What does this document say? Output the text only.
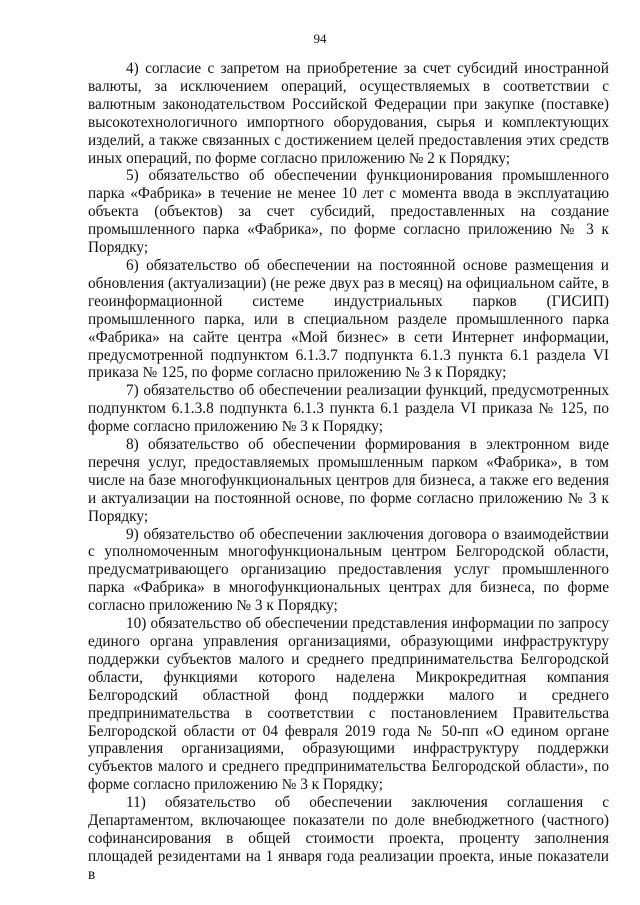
94

4) согласие с запретом на приобретение за счет субсидий иностранной валюты, за исключением операций, осуществляемых в соответствии с валютным законодательством Российской Федерации при закупке (поставке) высокотехнологичного импортного оборудования, сырья и комплектующих изделий, а также связанных с достижением целей предоставления этих средств иных операций, по форме согласно приложению № 2 к Порядку;

5) обязательство об обеспечении функционирования промышленного парка «Фабрика» в течение не менее 10 лет с момента ввода в эксплуатацию объекта (объектов) за счет субсидий, предоставленных на создание промышленного парка «Фабрика», по форме согласно приложению № 3 к Порядку;

6) обязательство об обеспечении на постоянной основе размещения и обновления (актуализации) (не реже двух раз в месяц) на официальном сайте, в геоинформационной системе индустриальных парков (ГИСИП) промышленного парка, или в специальном разделе промышленного парка «Фабрика» на сайте центра «Мой бизнес» в сети Интернет информации, предусмотренной подпунктом 6.1.3.7 подпункта 6.1.3 пункта 6.1 раздела VI приказа № 125, по форме согласно приложению № 3 к Порядку;

7) обязательство об обеспечении реализации функций, предусмотренных подпунктом 6.1.3.8 подпункта 6.1.3 пункта 6.1 раздела VI приказа № 125, по форме согласно приложению № 3 к Порядку;

8) обязательство об обеспечении формирования в электронном виде перечня услуг, предоставляемых промышленным парком «Фабрика», в том числе на базе многофункциональных центров для бизнеса, а также его ведения и актуализации на постоянной основе, по форме согласно приложению № 3 к Порядку;

9) обязательство об обеспечении заключения договора о взаимодействии с уполномоченным многофункциональным центром Белгородской области, предусматривающего организацию предоставления услуг промышленного парка «Фабрика» в многофункциональных центрах для бизнеса, по форме согласно приложению № 3 к Порядку;

10) обязательство об обеспечении представления информации по запросу единого органа управления организациями, образующими инфраструктуру поддержки субъектов малого и среднего предпринимательства Белгородской области, функциями которого наделена Микрокредитная компания Белгородский областной фонд поддержки малого и среднего предпринимательства в соответствии с постановлением Правительства Белгородской области от 04 февраля 2019 года № 50-пп «О едином органе управления организациями, образующими инфраструктуру поддержки субъектов малого и среднего предпринимательства Белгородской области», по форме согласно приложению № 3 к Порядку;

11) обязательство об обеспечении заключения соглашения с Департаментом, включающее показатели по доле внебюджетного (частного) софинансирования в общей стоимости проекта, проценту заполнения площадей резидентами на 1 января года реализации проекта, иные показатели в
